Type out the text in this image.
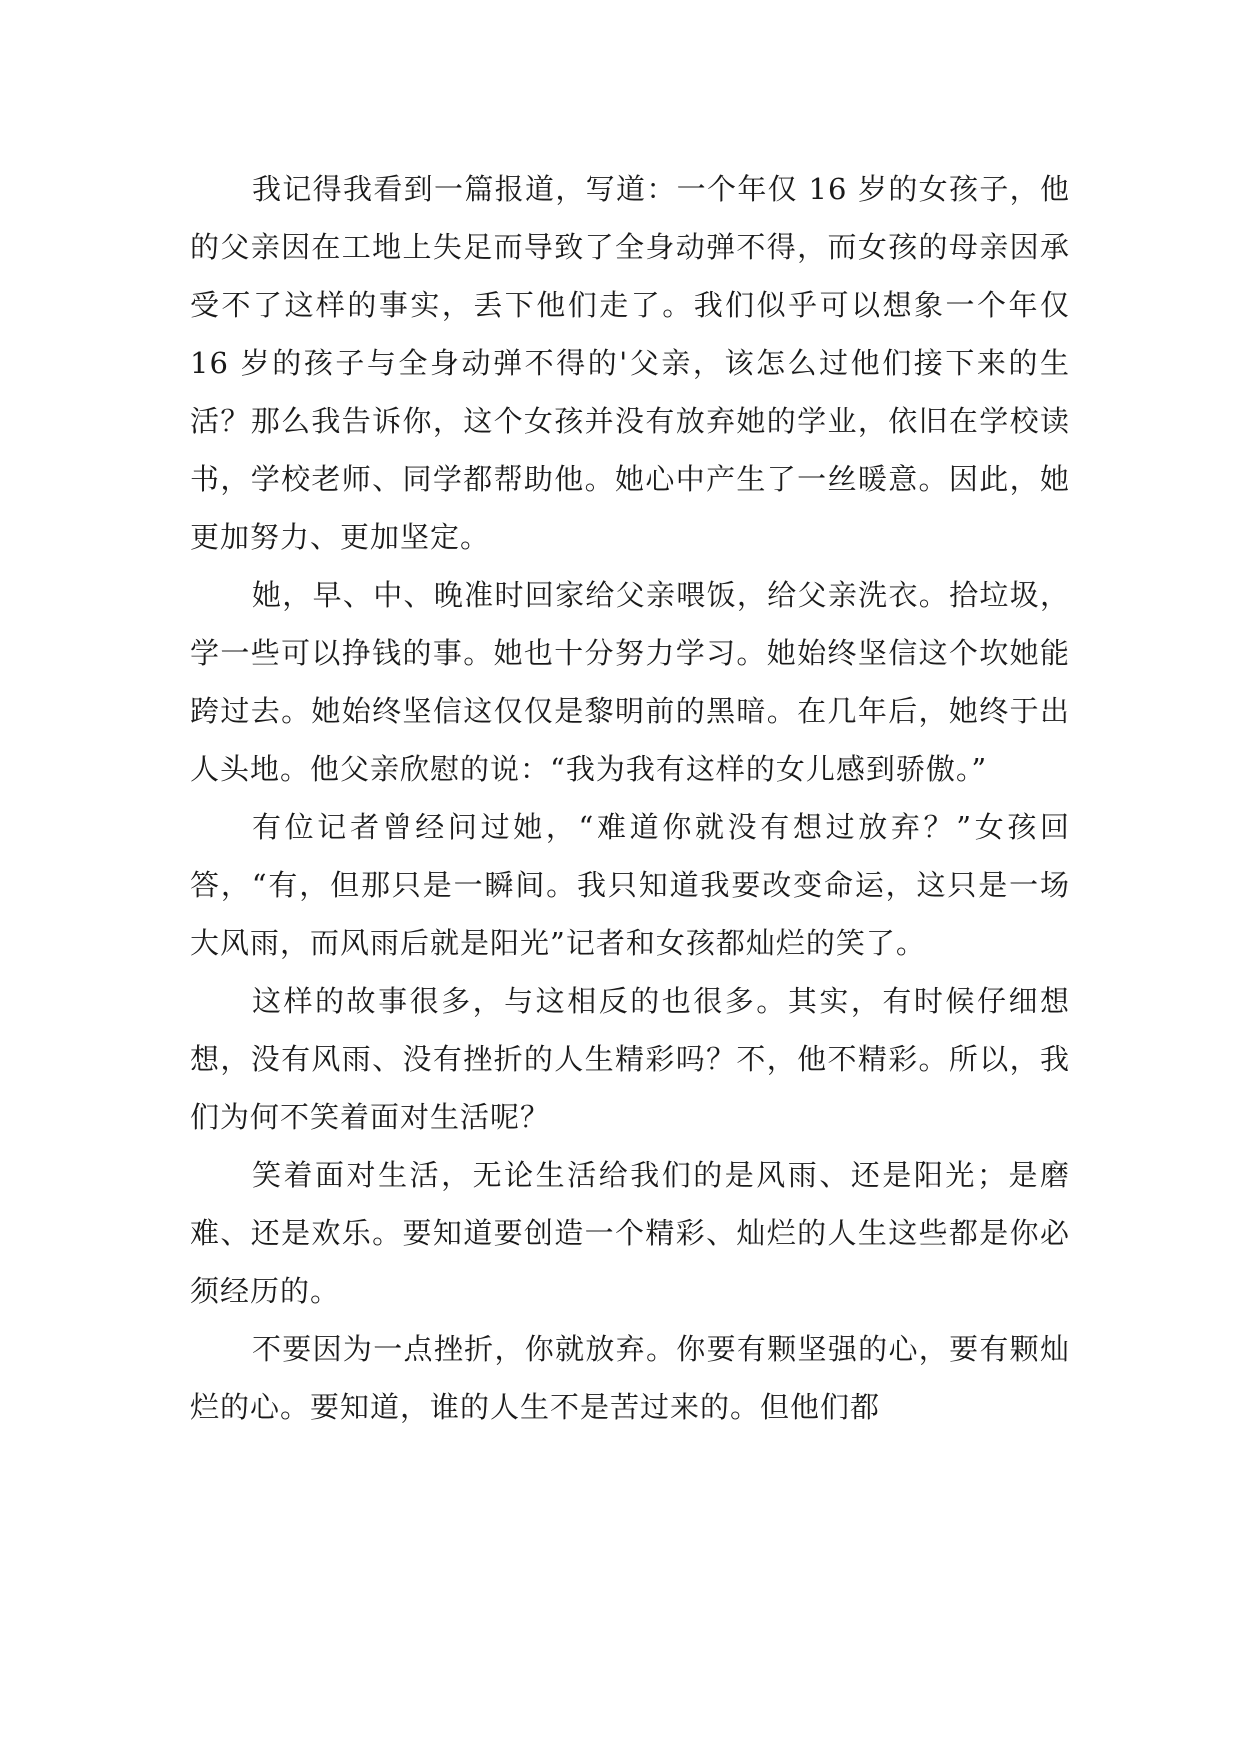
我记得我看到一篇报道，写道：一个年仅 16 岁的女孩子，他的父亲因在工地上失足而导致了全身动弹不得，而女孩的母亲因承受不了这样的事实，丢下他们走了。我们似乎可以想象一个年仅 16 岁的孩子与全身动弹不得的'父亲，该怎么过他们接下来的生活？那么我告诉你，这个女孩并没有放弃她的学业，依旧在学校读书，学校老师、同学都帮助他。她心中产生了一丝暖意。因此，她更加努力、更加坚定。

她，早、中、晚准时回家给父亲喂饭，给父亲洗衣。拾垃圾，学一些可以挣钱的事。她也十分努力学习。她始终坚信这个坎她能跨过去。她始终坚信这仅仅是黎明前的黑暗。在几年后，她终于出人头地。他父亲欣慰的说：“我为我有这样的女儿感到骄傲。”

有位记者曾经问过她，“难道你就没有想过放弃？”女孩回答，“有，但那只是一瞬间。我只知道我要改变命运，这只是一场大风雨，而风雨后就是阳光”记者和女孩都灿烂的笑了。

这样的故事很多，与这相反的也很多。其实，有时候仔细想想，没有风雨、没有挫折的人生精彩吗？不，他不精彩。所以，我们为何不笑着面对生活呢？

笑着面对生活，无论生活给我们的是风雨、还是阳光；是磨难、还是欢乐。要知道要创造一个精彩、灿烂的人生这些都是你必须经历的。

不要因为一点挫折，你就放弃。你要有颗坚强的心，要有颗灿烂的心。要知道，谁的人生不是苦过来的。但他们都
